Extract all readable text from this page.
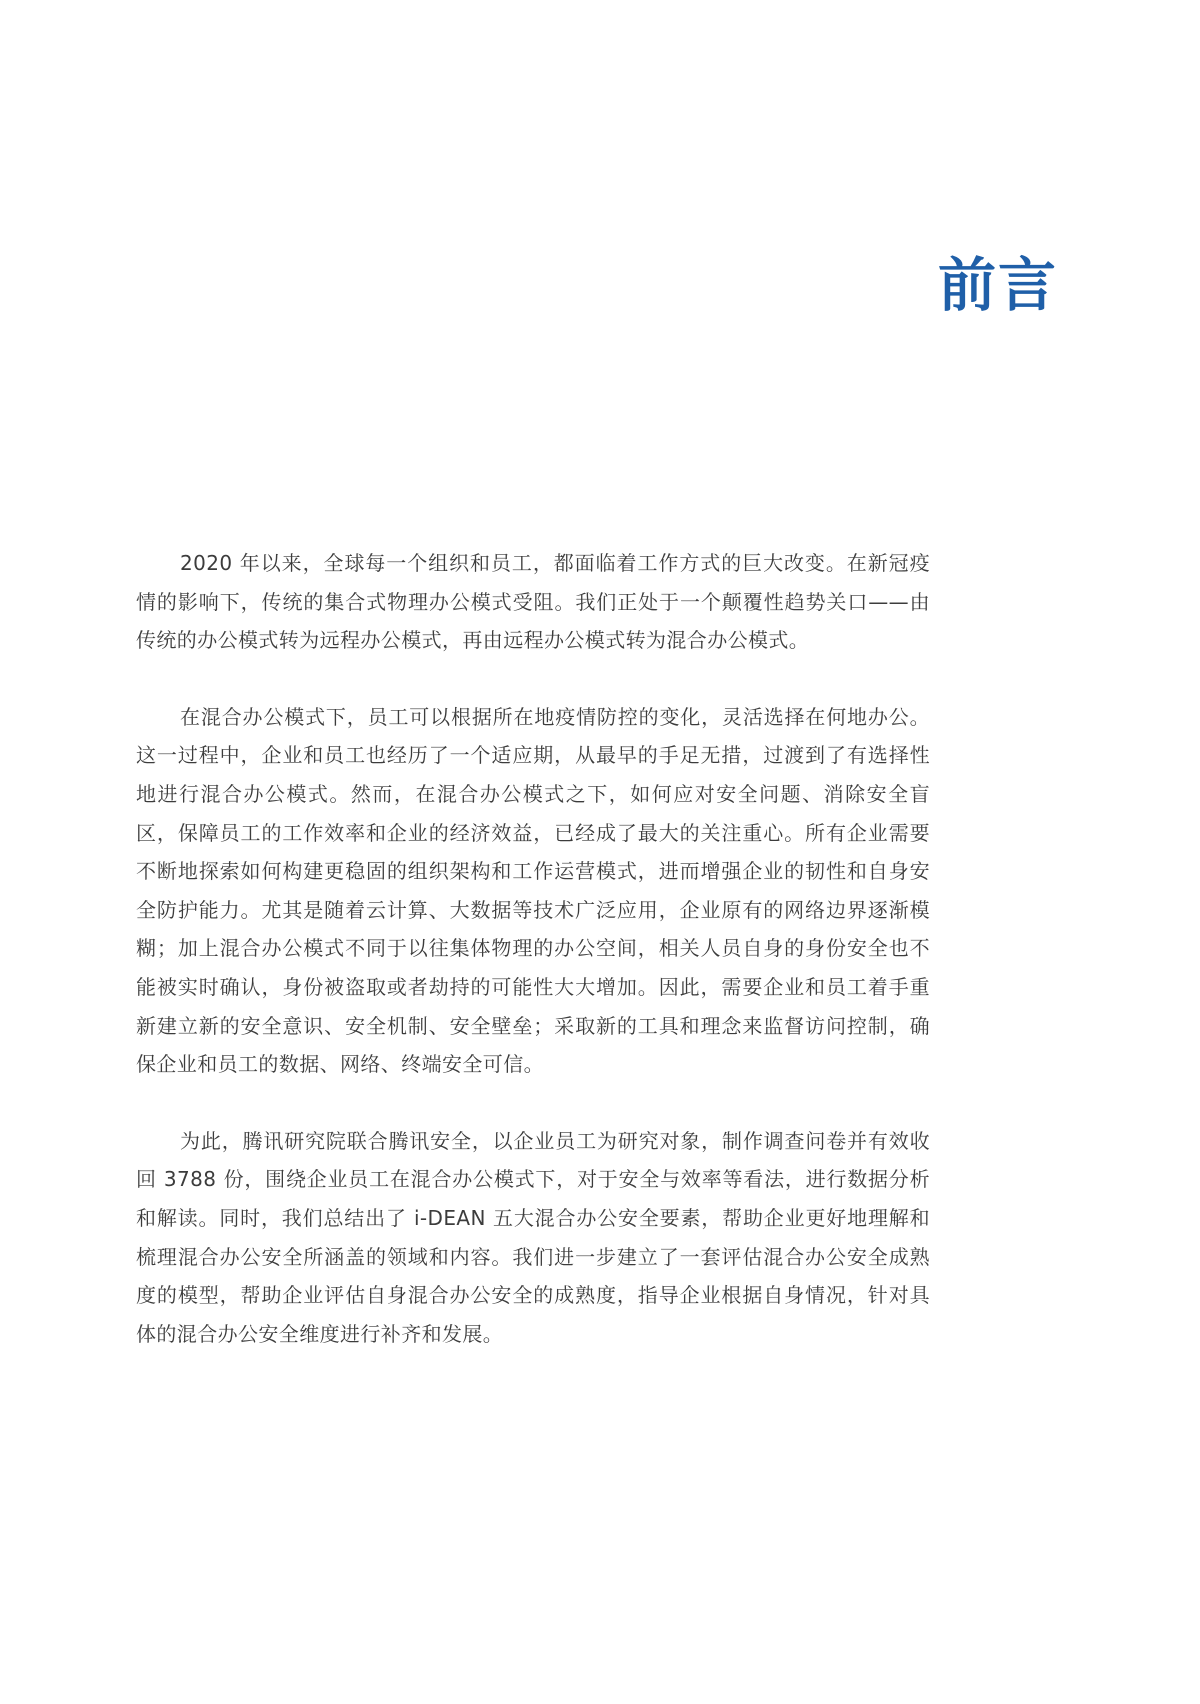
前言

2020 年以来，全球每一个组织和员工，都面临着工作方式的巨大改变。在新冠疫情的影响下，传统的集合式物理办公模式受阻。我们正处于一个颠覆性趋势关口——由传统的办公模式转为远程办公模式，再由远程办公模式转为混合办公模式。

在混合办公模式下，员工可以根据所在地疫情防控的变化，灵活选择在何地办公。这一过程中，企业和员工也经历了一个适应期，从最早的手足无措，过渡到了有选择性地进行混合办公模式。然而，在混合办公模式之下，如何应对安全问题、消除安全盲区，保障员工的工作效率和企业的经济效益，已经成了最大的关注重心。所有企业需要不断地探索如何构建更稳固的组织架构和工作运营模式，进而增强企业的韧性和自身安全防护能力。尤其是随着云计算、大数据等技术广泛应用，企业原有的网络边界逐渐模糊；加上混合办公模式不同于以往集体物理的办公空间，相关人员自身的身份安全也不能被实时确认，身份被盗取或者劫持的可能性大大增加。因此，需要企业和员工着手重新建立新的安全意识、安全机制、安全壁垒；采取新的工具和理念来监督访问控制，确保企业和员工的数据、网络、终端安全可信。

为此，腾讯研究院联合腾讯安全，以企业员工为研究对象，制作调查问卷并有效收回 3788 份，围绕企业员工在混合办公模式下，对于安全与效率等看法，进行数据分析和解读。同时，我们总结出了 i-DEAN 五大混合办公安全要素，帮助企业更好地理解和梳理混合办公安全所涵盖的领域和内容。我们进一步建立了一套评估混合办公安全成熟度的模型，帮助企业评估自身混合办公安全的成熟度，指导企业根据自身情况，针对具体的混合办公安全维度进行补齐和发展。
